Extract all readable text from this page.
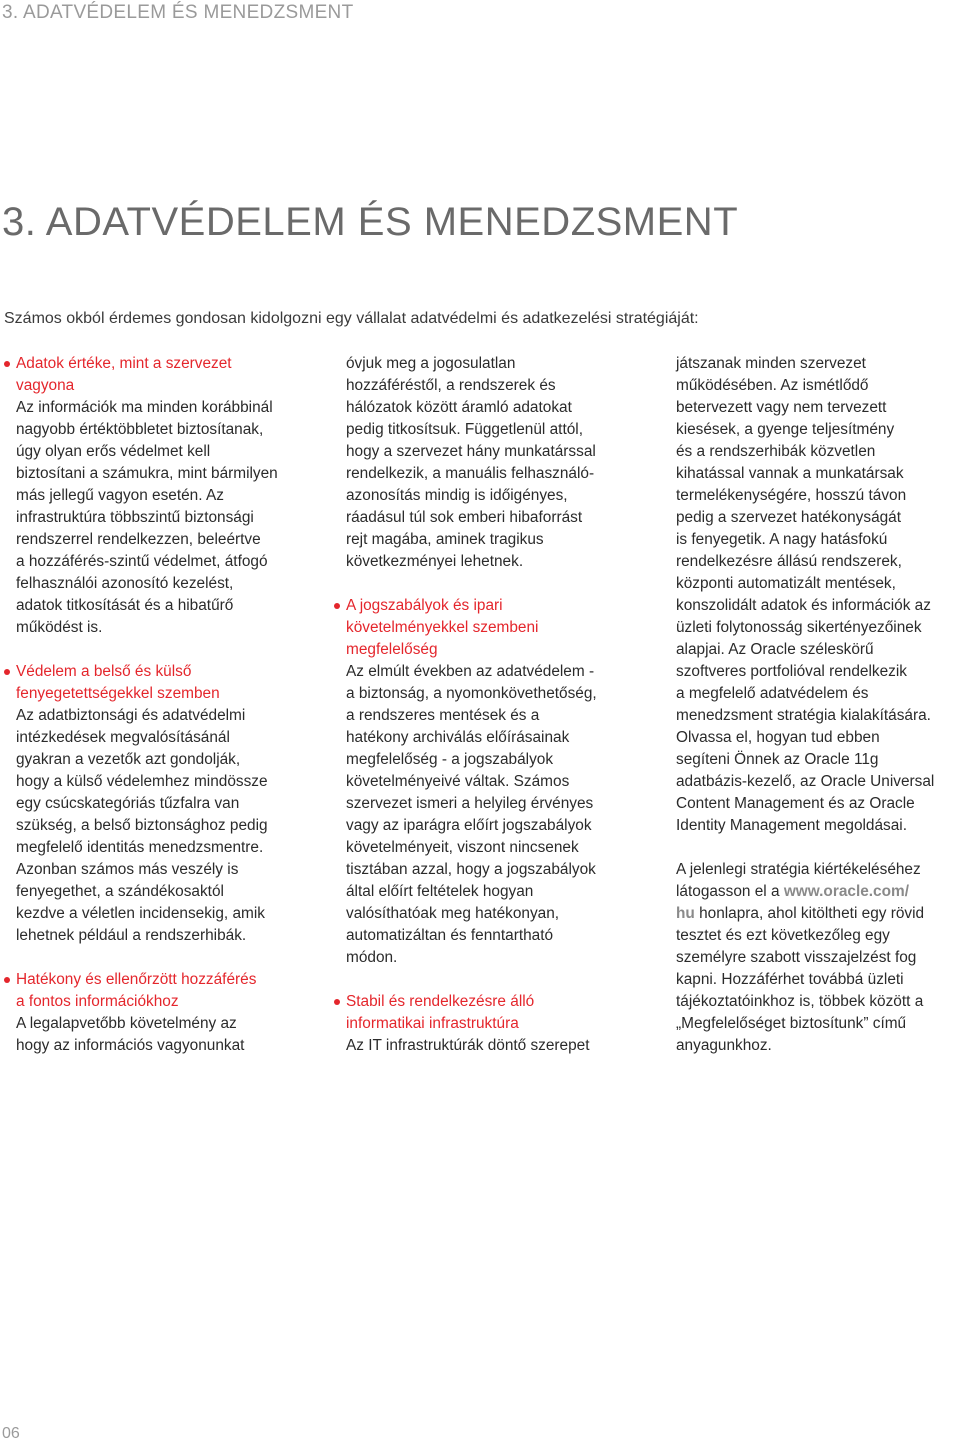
3. ADATVÉDELEM ÉS MENEDZSMENT
3. ADATVÉDELEM ÉS MENEDZSMENT
Számos okból érdemes gondosan kidolgozni egy vállalat adatvédelmi és adatkezelési stratégiáját:
Adatok értéke, mint a szervezet
vagyona
Az információk ma minden korábbinál
nagyobb értéktöbbletet biztosítanak,
úgy olyan erős védelmet kell
biztosítani a számukra, mint bármilyen
más jellegű vagyon esetén. Az
infrastruktúra többszintű biztonsági
rendszerrel rendelkezzen, beleértve
a hozzáférés-szintű védelmet, átfogó
felhasználói azonosító kezelést,
adatok titkosítását és a hibatűrő
működést is.
Védelem a belső és külső
fenyegetettségekkel szemben
Az adatbiztonsági és adatvédelmi
intézkedések megvalósításánál
gyakran a vezetők azt gondolják,
hogy a külső védelemhez mindössze
egy csúcskategóriás tűzfalra van
szükség, a belső biztonsághoz pedig
megfelelő identitás menedzsmentre.
Azonban számos más veszély is
fenyegethet, a szándékosaktól
kezdve a véletlen incidensekig, amik
lehetnek például a rendszerhibák.
Hatékony és ellenőrzött hozzáférés
a fontos információkhoz
A legalapvetőbb követelmény az
hogy az információs vagyonunkat
óvjuk meg a jogosulatlan
hozzáféréstől, a rendszerek és
hálózatok között áramló adatokat
pedig titkosítsuk. Függetlenül attól,
hogy a szervezet hány munkatárssal
rendelkezik, a manuális felhasználó-
azonosítás mindig is időigényes,
ráadásul túl sok emberi hibaforrást
rejt magába, aminek tragikus
következményei lehetnek.
A jogszabályok és ipari
követelményekkel szembeni
megfelelőség
Az elmúlt években az adatvédelem -
a biztonság, a nyomonkövethetőség,
a rendszeres mentések és a
hatékony archiválás előírásainak
megfelelőség - a jogszabályok
követelményeivé váltak. Számos
szervezet ismeri a helyileg érvényes
vagy az iparágra előírt jogszabályok
követelményeit, viszont nincsenek
tisztában azzal, hogy a jogszabályok
által előírt feltételek hogyan
valósíthatóak meg hatékonyan,
automatizáltan és fenntartható
módon.
Stabil és rendelkezésre álló
informatikai infrastruktúra
Az IT infrastruktúrák döntő szerepet
játszanak minden szervezet
működésében. Az ismétlődő
betervezett vagy nem tervezett
kiesések, a gyenge teljesítmény
és a rendszerhibák közvetlen
kihatással vannak a munkatársak
termelékenységére, hosszú távon
pedig a szervezet hatékonyságát
is fenyegetik. A nagy hatásfokú
rendelkezésre állású rendszerek,
központi automatizált mentések,
konszolidált adatok és információk az
üzleti folytonosság sikertényezőinek
alapjai. Az Oracle széleskörű
szoftveres portfolióval rendelkezik
a megfelelő adatvédelem és
menedzsment stratégia kialakítására.
Olvassa el, hogyan tud ebben
segíteni Önnek az Oracle 11g
adatbázis-kezelő, az Oracle Universal
Content Management és az Oracle
Identity Management megoldásai.
A jelenlegi stratégia kiértékeléséhez
látogasson el a www.oracle.com/
hu honlapra, ahol kitöltheti egy rövid
tesztet és ezt következőleg egy
személyre szabott visszajelzést fog
kapni. Hozzáférhet továbbá üzleti
tájékoztatóinkhoz is, többek között a
„Megfelelőséget biztosítunk” című
anyagunkhoz.
06
